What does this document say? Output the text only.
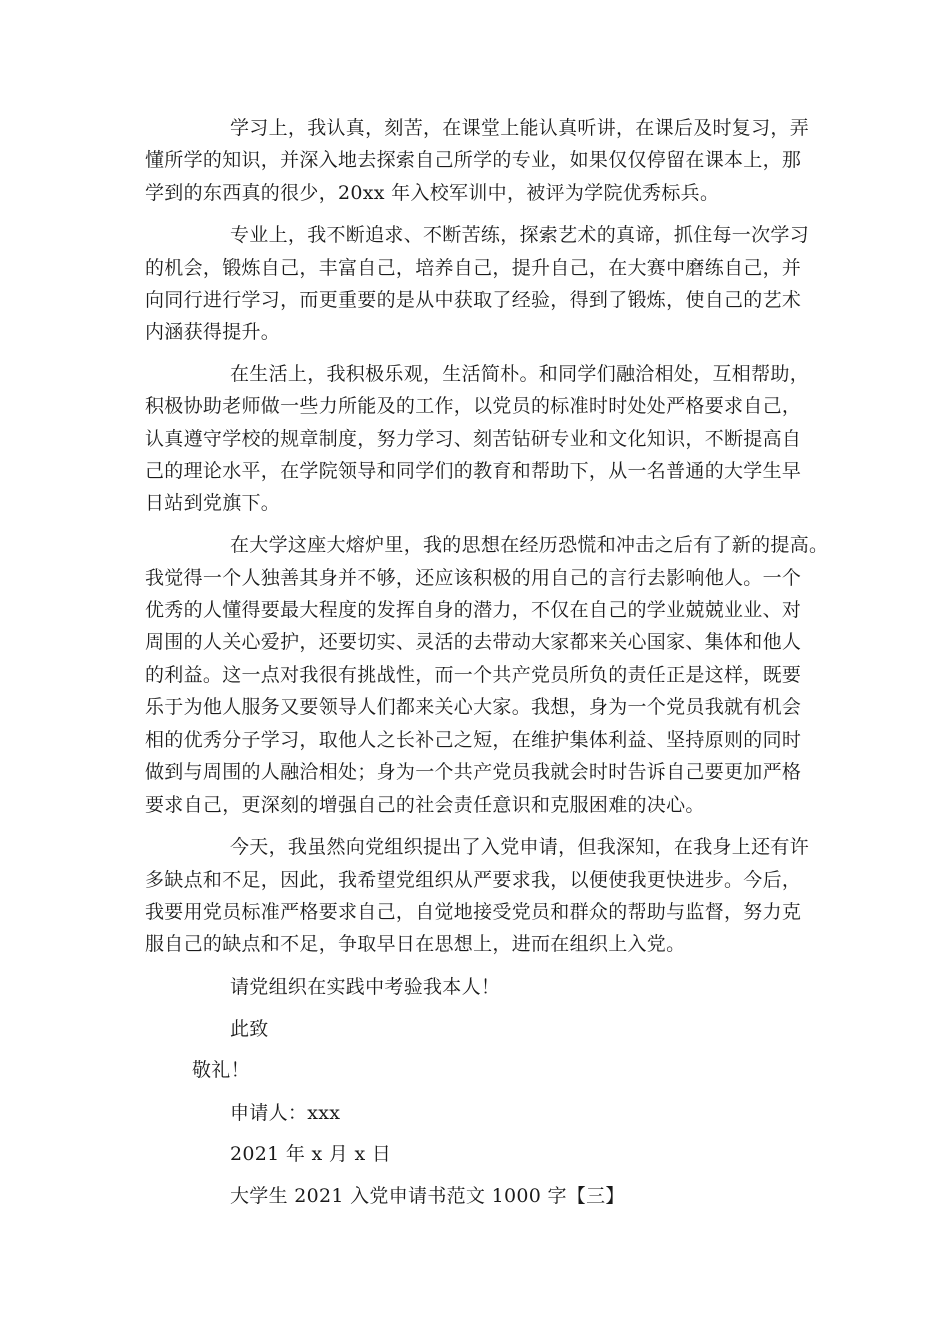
学习上，我认真，刻苦，在课堂上能认真听讲，在课后及时复习，弄
懂所学的知识，并深入地去探索自己所学的专业，如果仅仅停留在课本上，那
学到的东西真的很少，20xx 年入校军训中，被评为学院优秀标兵。
专业上，我不断追求、不断苦练，探索艺术的真谛，抓住每一次学习
的机会，锻炼自己，丰富自己，培养自己，提升自己，在大赛中磨练自己，并
向同行进行学习，而更重要的是从中获取了经验，得到了锻炼，使自己的艺术
内涵获得提升。
在生活上，我积极乐观，生活简朴。和同学们融洽相处，互相帮助，
积极协助老师做一些力所能及的工作，以党员的标准时时处处严格要求自己，
认真遵守学校的规章制度，努力学习、刻苦钻研专业和文化知识，不断提高自
己的理论水平，在学院领导和同学们的教育和帮助下，从一名普通的大学生早
日站到党旗下。
在大学这座大熔炉里，我的思想在经历恐慌和冲击之后有了新的提高。
我觉得一个人独善其身并不够，还应该积极的用自己的言行去影响他人。一个
优秀的人懂得要最大程度的发挥自身的潜力，不仅在自己的学业兢兢业业、对
周围的人关心爱护，还要切实、灵活的去带动大家都来关心国家、集体和他人
的利益。这一点对我很有挑战性，而一个共产党员所负的责任正是这样，既要
乐于为他人服务又要领导人们都来关心大家。我想，身为一个党员我就有机会
相的优秀分子学习，取他人之长补己之短，在维护集体利益、坚持原则的同时
做到与周围的人融洽相处；身为一个共产党员我就会时时告诉自己要更加严格
要求自己，更深刻的增强自己的社会责任意识和克服困难的决心。
今天，我虽然向党组织提出了入党申请，但我深知，在我身上还有许
多缺点和不足，因此，我希望党组织从严要求我，以便使我更快进步。今后，
我要用党员标准严格要求自己，自觉地接受党员和群众的帮助与监督，努力克
服自己的缺点和不足，争取早日在思想上，进而在组织上入党。
请党组织在实践中考验我本人！
此致
敬礼！
申请人：xxx
2021 年 x 月 x 日
大学生 2021 入党申请书范文 1000 字【三】
